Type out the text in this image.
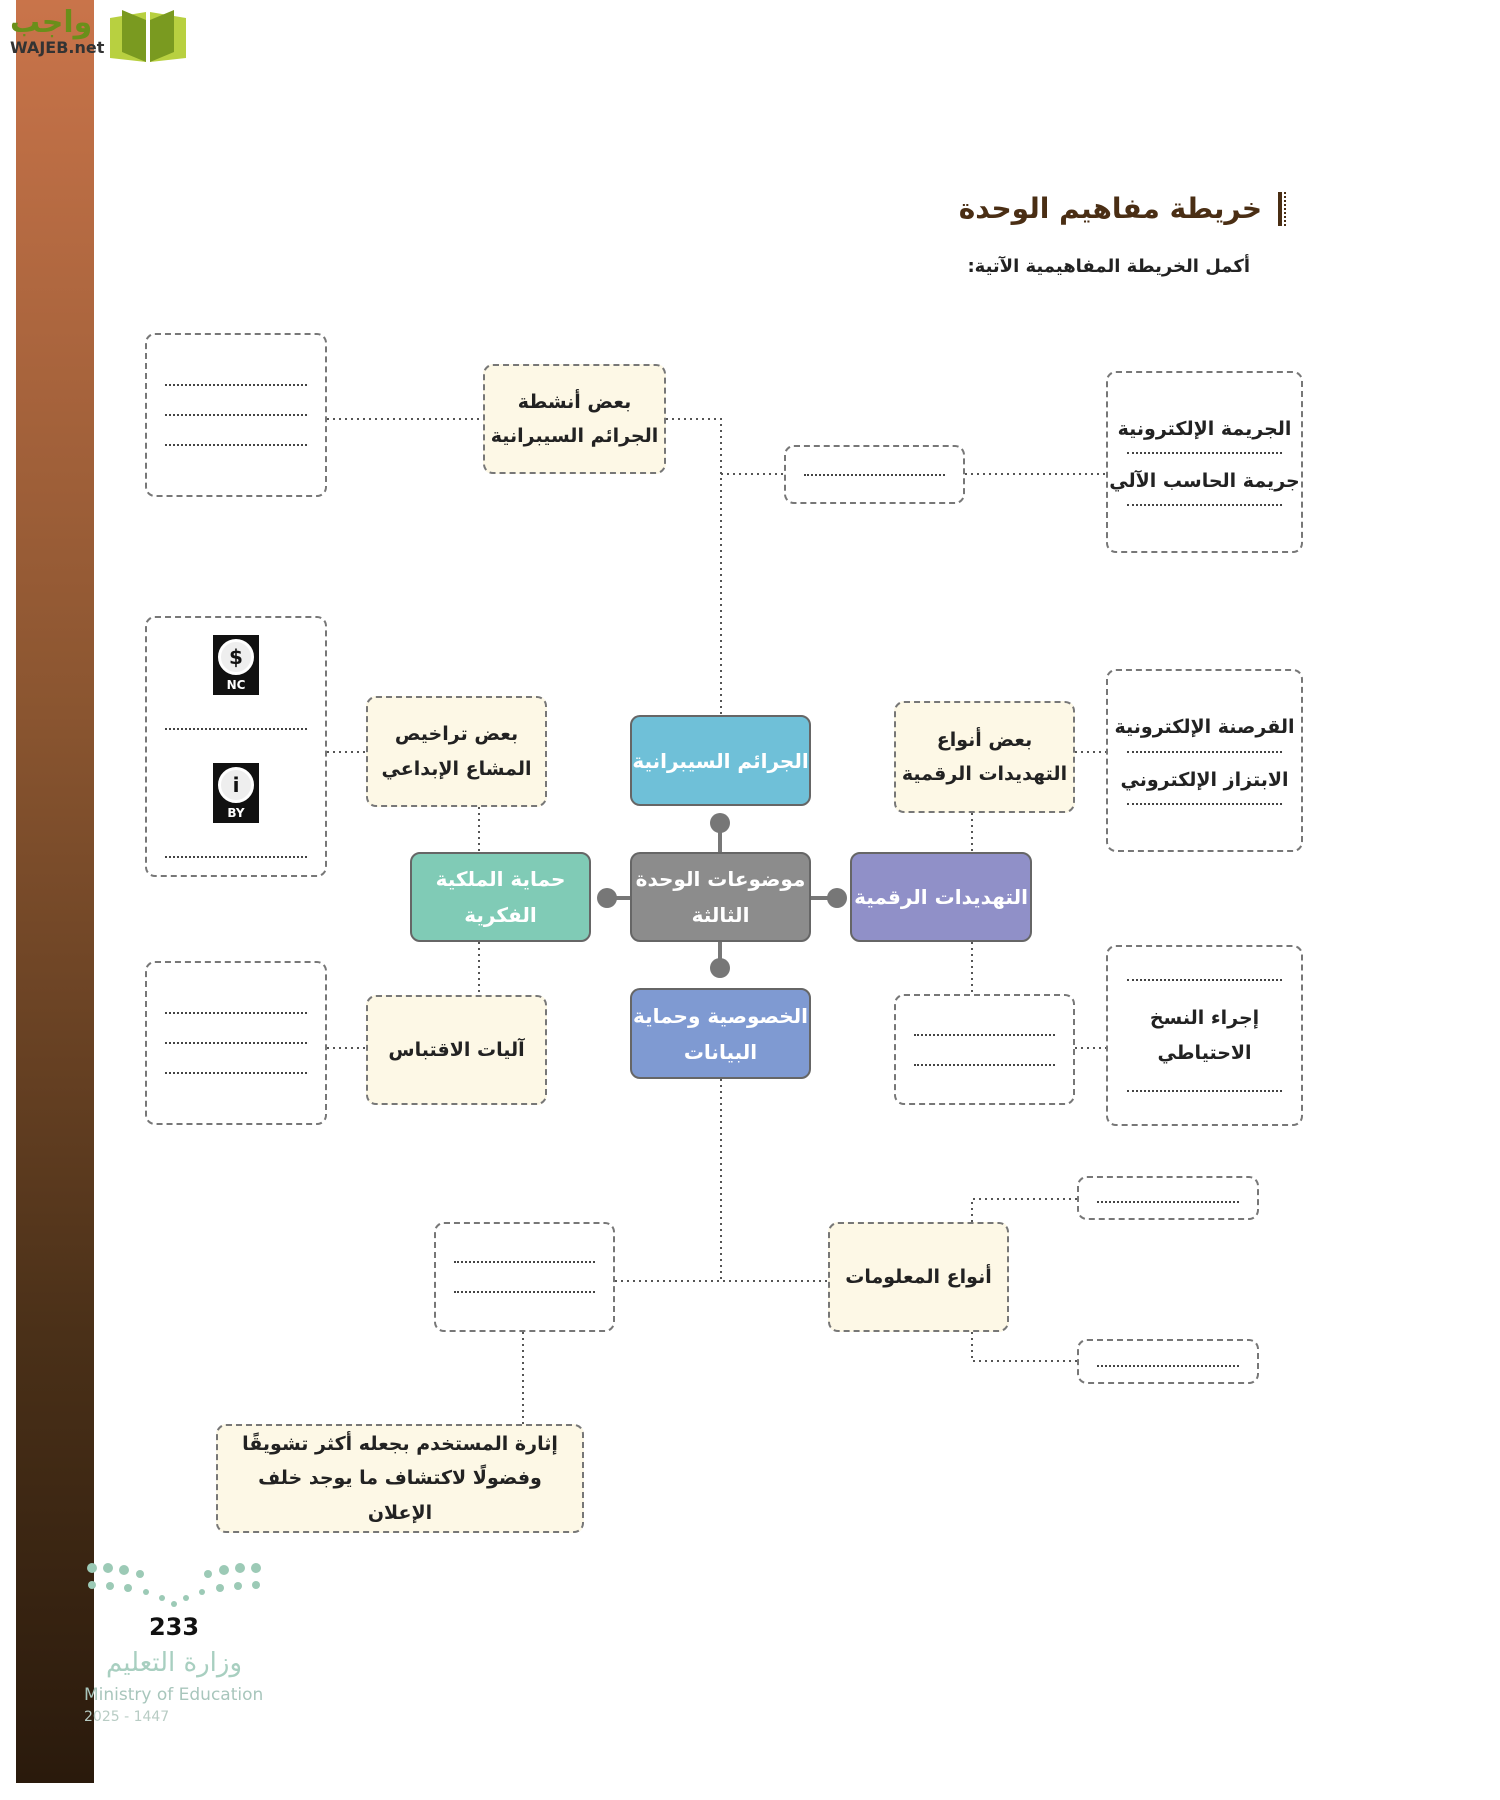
واجب
WAJEB.net
خريطة مفاهيم الوحدة
أكمل الخريطة المفاهيمية الآتية:
بعض أنشطة الجرائم السيبرانية	الجريمة الإلكترونية
جريمة الحاسب الآلي
$
NC
i
BY
بعض تراخيص المشاع الإبداعي	الجرائم السيبرانية
بعض أنواع التهديدات الرقمية
القرصنة الإلكترونية
الابتزاز الإلكتروني
حماية الملكية الفكرية
موضوعات الوحدة الثالثة
التهديدات الرقمية
الخصوصية وحماية البيانات
آليات الاقتباس
إجراء النسخ الاحتياطي
أنواع المعلومات
إثارة المستخدم بجعله أكثر تشويقًا وفضولًا لاكتشاف ما يوجد خلف الإعلان
233
وزارة التعليم
Ministry of Education
2025 - 1447
